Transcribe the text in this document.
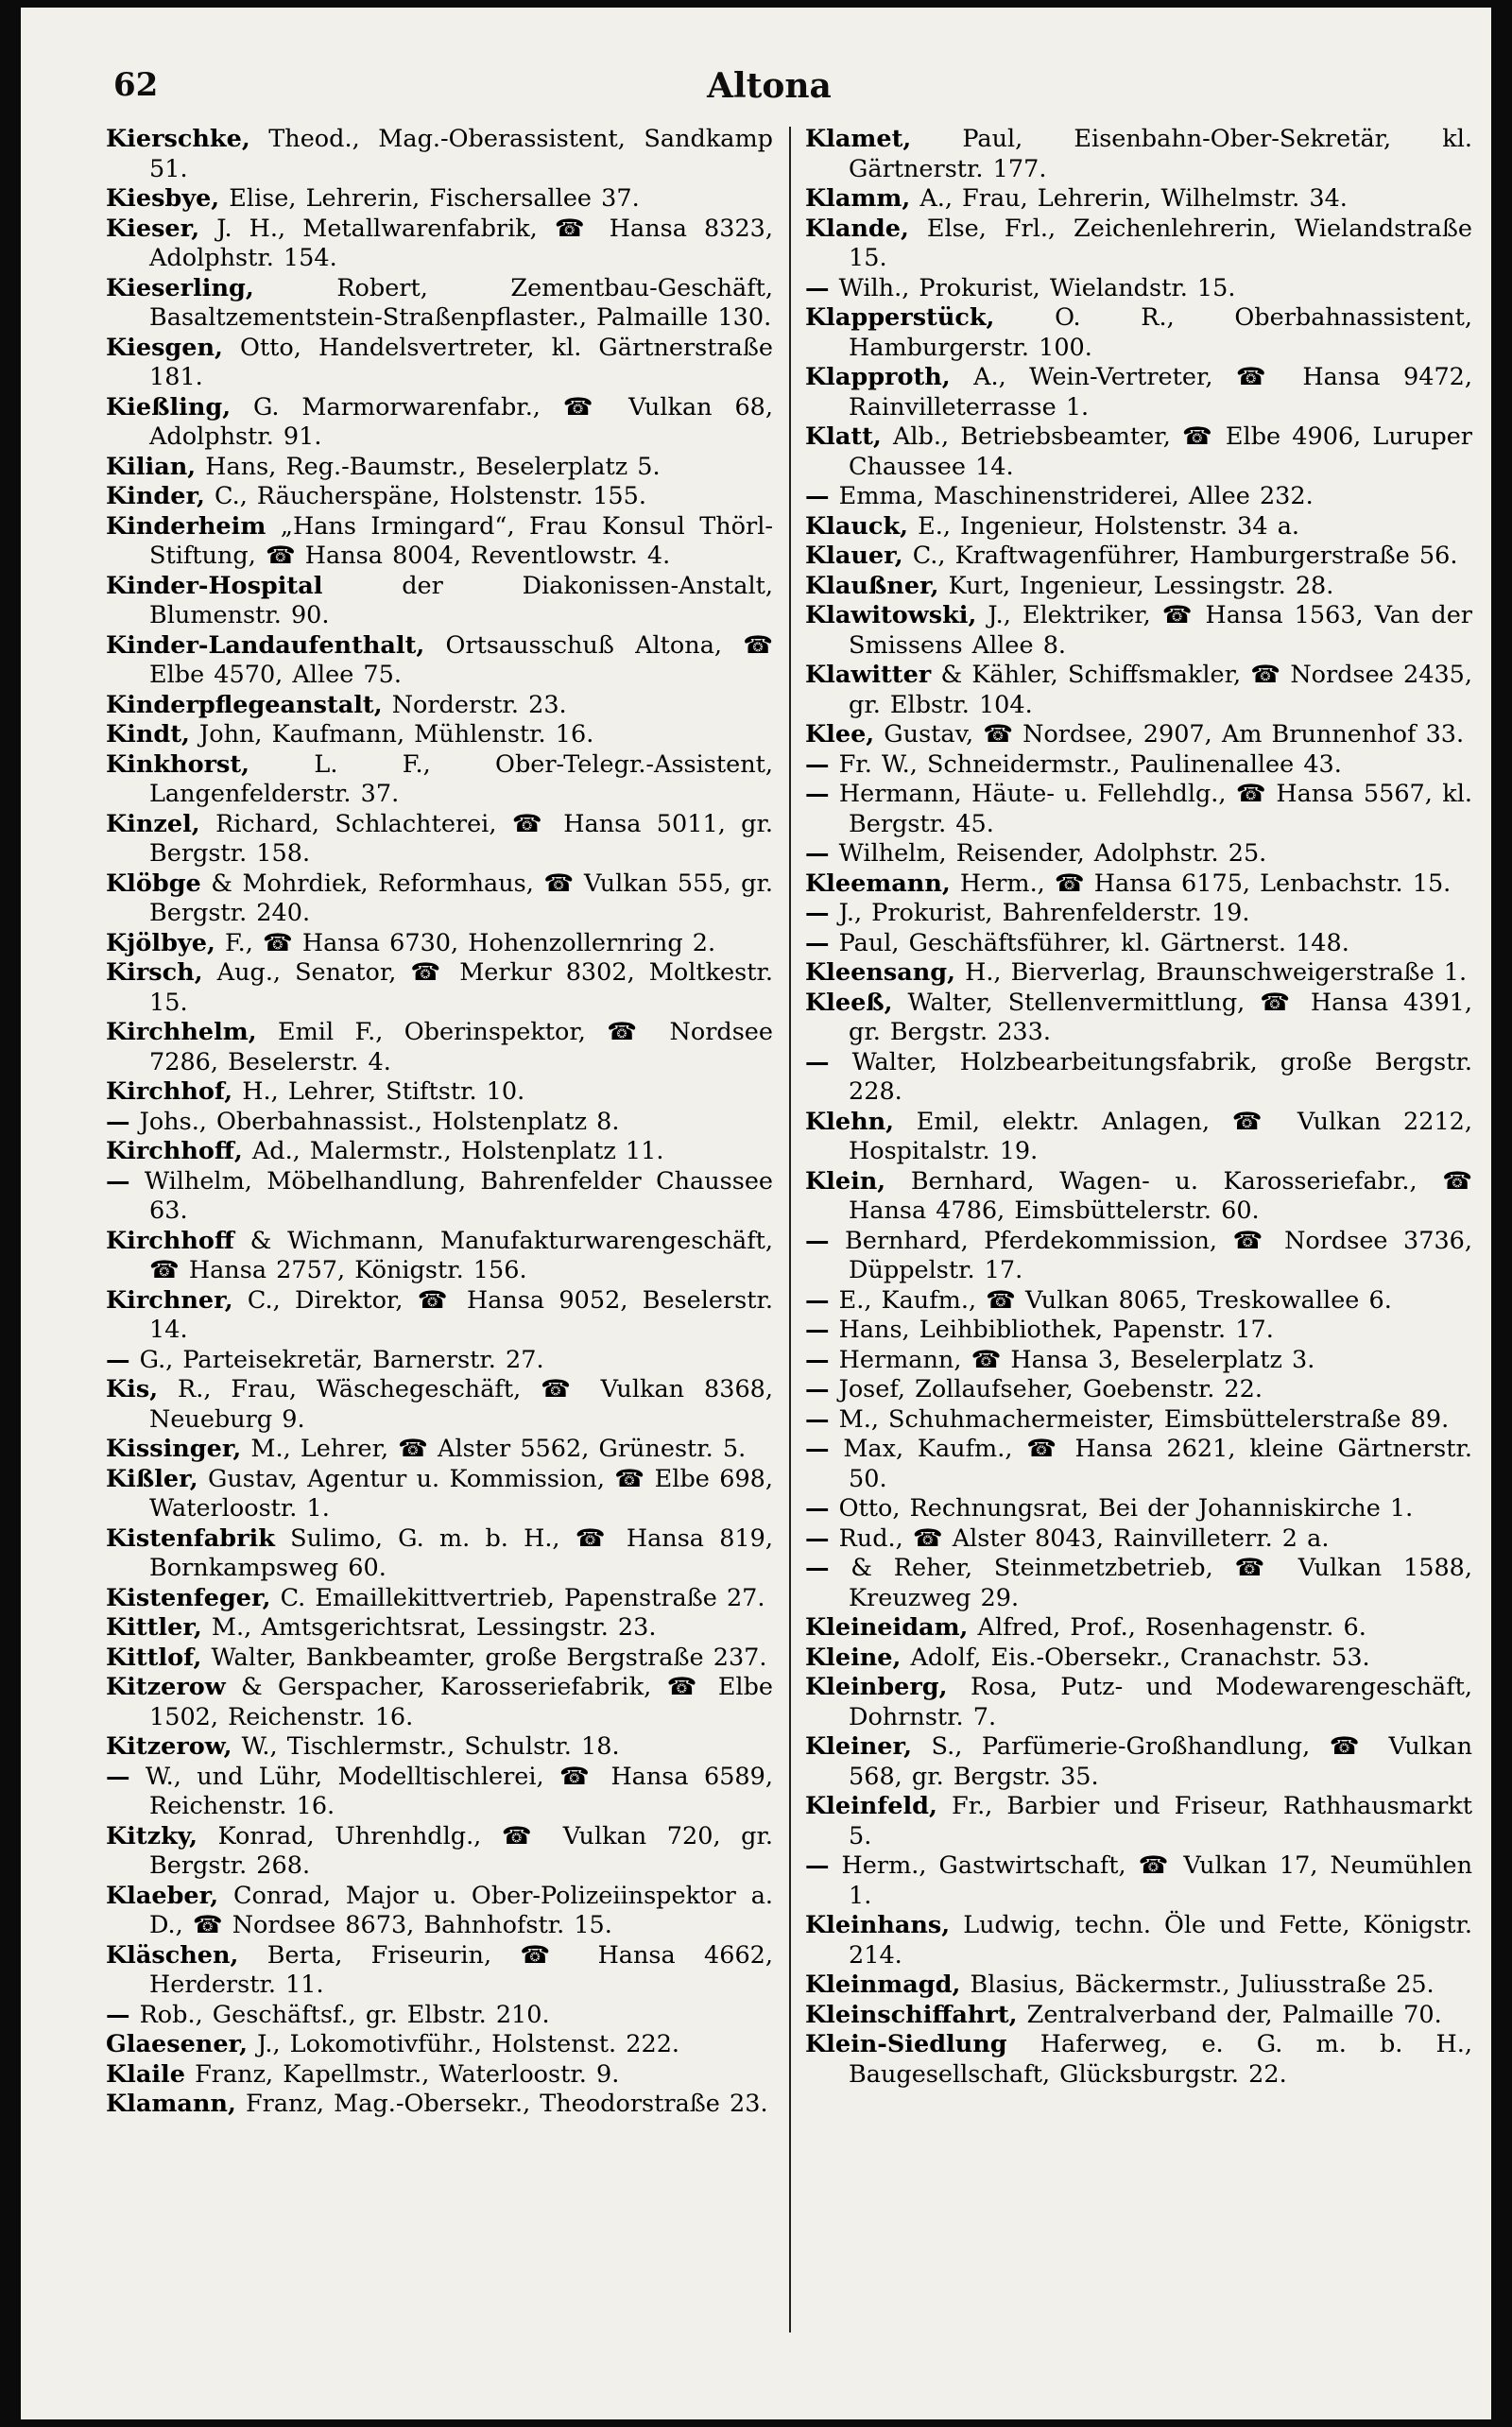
62	Altona

Kierschke, Theod., Mag.-Oberassistent, Sandkamp 51.

Kiesbye, Elise, Lehrerin, Fischersallee 37.

Kieser, J. H., Metallwarenfabrik, ☎ Hansa 8323, Adolphstr. 154.

Kieserling,	Robert, Zementbau-Geschäft, Basaltzementstein-Straßenpflaster., Palmaille 130.

Kiesgen, Otto, Handelsvertreter, kl. Gärtnerstraße 181.

Kießling, G. Marmorwarenfabr., ☎ Vulkan 68, Adolphstr. 91.

Kilian, Hans, Reg.-Baumstr., Beselerplatz 5.

Kinder, C., Räucherspäne, Holstenstr. 155.

Kinderheim „Hans Irmingard“, Frau Konsul Thörl-Stiftung, ☎ Hansa 8004, Reventlowstr. 4.

Kinder-Hospital	der Diakonissen-Anstalt, Blumenstr. 90.

Kinder-Landaufenthalt, Ortsausschuß Altona, ☎ Elbe 4570, Allee 75.

Kinderpflegeanstalt, Norderstr. 23.

Kindt, John, Kaufmann, Mühlenstr. 16.

Kinkhorst,	L. F., Ober-Telegr.-Assistent, Langenfelderstr. 37.

Kinzel, Richard, Schlachterei, ☎ Hansa 5011, gr. Bergstr. 158.

Klöbge & Mohrdiek, Reformhaus, ☎ Vulkan 555, gr. Bergstr. 240.

Kjölbye, F., ☎ Hansa 6730, Hohenzollernring 2.

Kirsch, Aug., Senator, ☎ Merkur 8302, Moltkestr. 15.

Kirchhelm, Emil F., Oberinspektor, ☎ Nordsee 7286, Beselerstr. 4.

Kirchhof, H., Lehrer, Stiftstr. 10.

— Johs., Oberbahnassist., Holstenplatz 8.

Kirchhoff, Ad., Malermstr., Holstenplatz 11.

— Wilhelm, Möbelhandlung, Bahrenfelder Chaussee 63.

Kirchhoff & Wichmann, Manufakturwarengeschäft, ☎ Hansa 2757, Königstr. 156.

Kirchner, C., Direktor, ☎ Hansa 9052, Beselerstr. 14.

— G., Parteisekretär, Barnerstr. 27.

Kis, R., Frau, Wäschegeschäft, ☎ Vulkan 8368, Neueburg 9.

Kissinger, M., Lehrer, ☎ Alster 5562, Grünestr. 5.

Kißler, Gustav, Agentur u. Kommission, ☎ Elbe 698, Waterloostr. 1.

Kistenfabrik Sulimo, G. m. b. H., ☎ Hansa 819, Bornkampsweg 60.

Kistenfeger, C. Emaillekittvertrieb, Papenstraße 27.

Kittler, M., Amtsgerichtsrat, Lessingstr. 23.

Kittlof, Walter, Bankbeamter, große Bergstraße 237.

Kitzerow & Gerspacher, Karosseriefabrik, ☎ Elbe 1502, Reichenstr. 16.

Kitzerow, W., Tischlermstr., Schulstr. 18.

— W., und Lühr, Modelltischlerei, ☎ Hansa 6589, Reichenstr. 16.

Kitzky, Konrad, Uhrenhdlg., ☎ Vulkan 720, gr. Bergstr. 268.

Klaeber, Conrad, Major u. Ober-Polizeiinspektor a. D., ☎ Nordsee 8673, Bahnhofstr. 15.

Kläschen, Berta, Friseurin, ☎ Hansa 4662, Herderstr. 11.

— Rob., Geschäftsf., gr. Elbstr. 210.

Glaesener, J., Lokomotivführ., Holstenst. 222.

Klaile Franz, Kapellmstr., Waterloostr. 9.

Klamann, Franz, Mag.-Obersekr., Theodorstraße 23.

Klamet, Paul, Eisenbahn-Ober-Sekretär, kl. Gärtnerstr. 177.

Klamm, A., Frau, Lehrerin, Wilhelmstr. 34.

Klande, Else, Frl., Zeichenlehrerin, Wielandstraße 15.

— Wilh., Prokurist, Wielandstr. 15.

Klapperstück, O. R., Oberbahnassistent, Hamburgerstr. 100.

Klapproth, A., Wein-Vertreter, ☎ Hansa 9472, Rainvilleterrasse 1.

Klatt, Alb., Betriebsbeamter, ☎ Elbe 4906, Luruper Chaussee 14.

— Emma, Maschinenstriderei, Allee 232.

Klauck, E., Ingenieur, Holstenstr. 34 a.

Klauer, C., Kraftwagenführer, Hamburgerstraße 56.

Klaußner, Kurt, Ingenieur, Lessingstr. 28.

Klawitowski, J., Elektriker, ☎ Hansa 1563, Van der Smissens Allee 8.

Klawitter & Kähler, Schiffsmakler, ☎ Nordsee 2435, gr. Elbstr. 104.

Klee, Gustav, ☎ Nordsee, 2907, Am Brunnenhof 33.

— Fr. W., Schneidermstr., Paulinenallee 43.

— Hermann, Häute- u. Fellehdlg., ☎ Hansa 5567, kl. Bergstr. 45.

— Wilhelm, Reisender, Adolphstr. 25.

Kleemann, Herm., ☎ Hansa 6175, Lenbachstr. 15.

— J., Prokurist, Bahrenfelderstr. 19.

— Paul, Geschäftsführer, kl. Gärtnerst. 148.

Kleensang, H., Bierverlag, Braunschweigerstraße 1.

Kleeß, Walter, Stellenvermittlung, ☎ Hansa 4391, gr. Bergstr. 233.

— Walter, Holzbearbeitungsfabrik, große Bergstr. 228.

Klehn, Emil, elektr. Anlagen, ☎ Vulkan 2212, Hospitalstr. 19.

Klein, Bernhard, Wagen- u. Karosseriefabr., ☎ Hansa 4786, Eimsbüttelerstr. 60.

— Bernhard, Pferdekommission, ☎ Nordsee 3736, Düppelstr. 17.

— E., Kaufm., ☎ Vulkan 8065, Treskowallee 6.

— Hans, Leihbibliothek, Papenstr. 17.

— Hermann, ☎ Hansa 3, Beselerplatz 3.

— Josef, Zollaufseher, Goebenstr. 22.

— M., Schuhmachermeister, Eimsbüttelerstraße 89.

— Max, Kaufm., ☎ Hansa 2621, kleine Gärtnerstr. 50.

— Otto, Rechnungsrat, Bei der Johanniskirche 1.

— Rud., ☎ Alster 8043, Rainvilleterr. 2 a.

— & Reher, Steinmetzbetrieb, ☎ Vulkan 1588, Kreuzweg 29.

Kleineidam, Alfred, Prof., Rosenhagenstr. 6.

Kleine, Adolf, Eis.-Obersekr., Cranachstr. 53.

Kleinberg, Rosa, Putz- und Modewarengeschäft, Dohrnstr. 7.

Kleiner, S., Parfümerie-Großhandlung, ☎ Vulkan 568, gr. Bergstr. 35.

Kleinfeld, Fr., Barbier und Friseur, Rathhausmarkt 5.

— Herm., Gastwirtschaft, ☎ Vulkan 17, Neumühlen 1.

Kleinhans, Ludwig, techn. Öle und Fette, Königstr. 214.

Kleinmagd, Blasius, Bäckermstr., Juliusstraße 25.

Kleinschiffahrt, Zentralverband der, Palmaille 70.

Klein-Siedlung Haferweg, e. G. m. b. H., Baugesellschaft, Glücksburgstr. 22.
